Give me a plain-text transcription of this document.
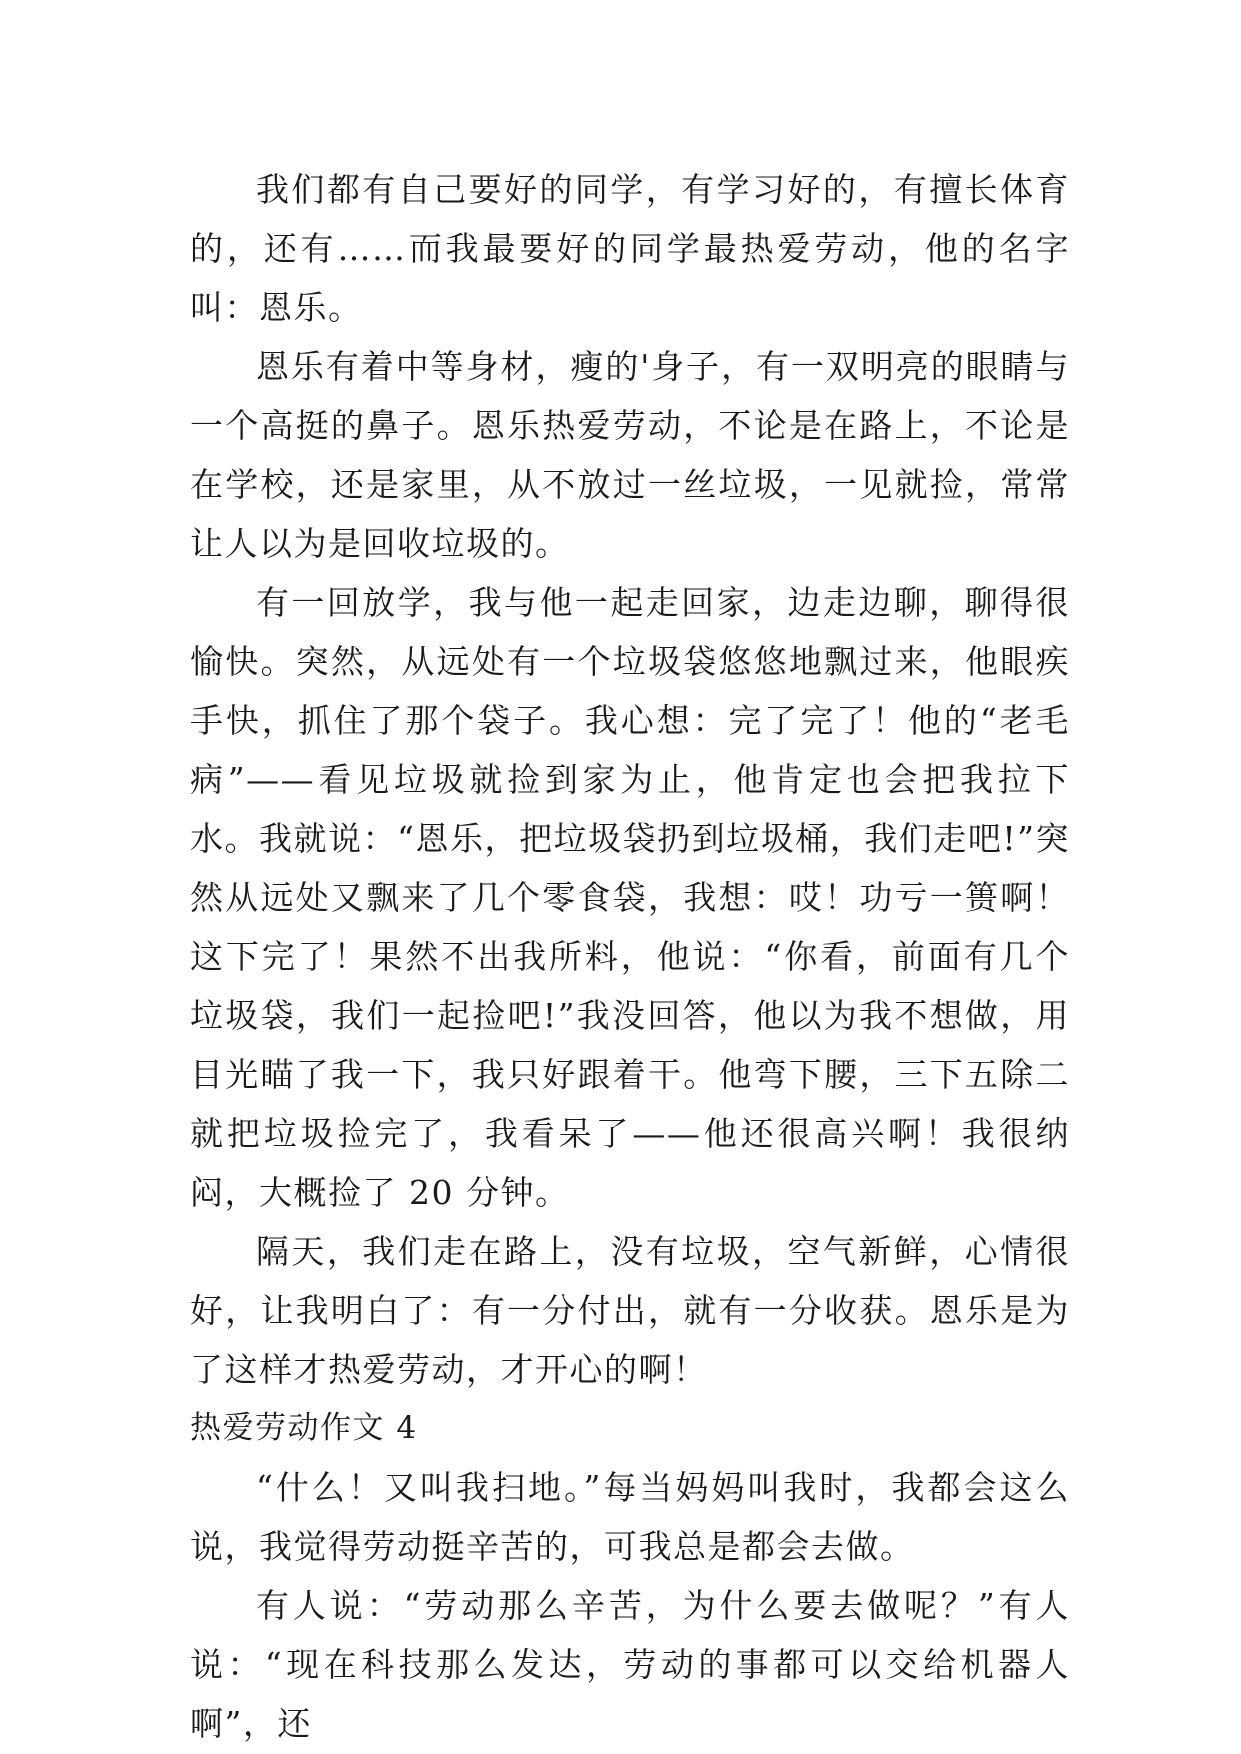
我们都有自己要好的同学，有学习好的，有擅长体育的，还有……而我最要好的同学最热爱劳动，他的名字叫：恩乐。

恩乐有着中等身材，瘦的'身子，有一双明亮的眼睛与一个高挺的鼻子。恩乐热爱劳动，不论是在路上，不论是在学校，还是家里，从不放过一丝垃圾，一见就捡，常常让人以为是回收垃圾的。

有一回放学，我与他一起走回家，边走边聊，聊得很愉快。突然，从远处有一个垃圾袋悠悠地飘过来，他眼疾手快，抓住了那个袋子。我心想：完了完了！他的“老毛病”——看见垃圾就捡到家为止，他肯定也会把我拉下水。我就说：“恩乐，把垃圾袋扔到垃圾桶，我们走吧!”突然从远处又飘来了几个零食袋，我想：哎！功亏一篑啊！这下完了！果然不出我所料，他说：“你看，前面有几个垃圾袋，我们一起捡吧!”我没回答，他以为我不想做，用目光瞄了我一下，我只好跟着干。他弯下腰，三下五除二就把垃圾捡完了，我看呆了——他还很高兴啊！我很纳闷，大概捡了 20 分钟。

隔天，我们走在路上，没有垃圾，空气新鲜，心情很好，让我明白了：有一分付出，就有一分收获。恩乐是为了这样才热爱劳动，才开心的啊！

热爱劳动作文 4

“什么！又叫我扫地。”每当妈妈叫我时，我都会这么说，我觉得劳动挺辛苦的，可我总是都会去做。

有人说：“劳动那么辛苦，为什么要去做呢？”有人说：“现在科技那么发达，劳动的事都可以交给机器人啊”，还
